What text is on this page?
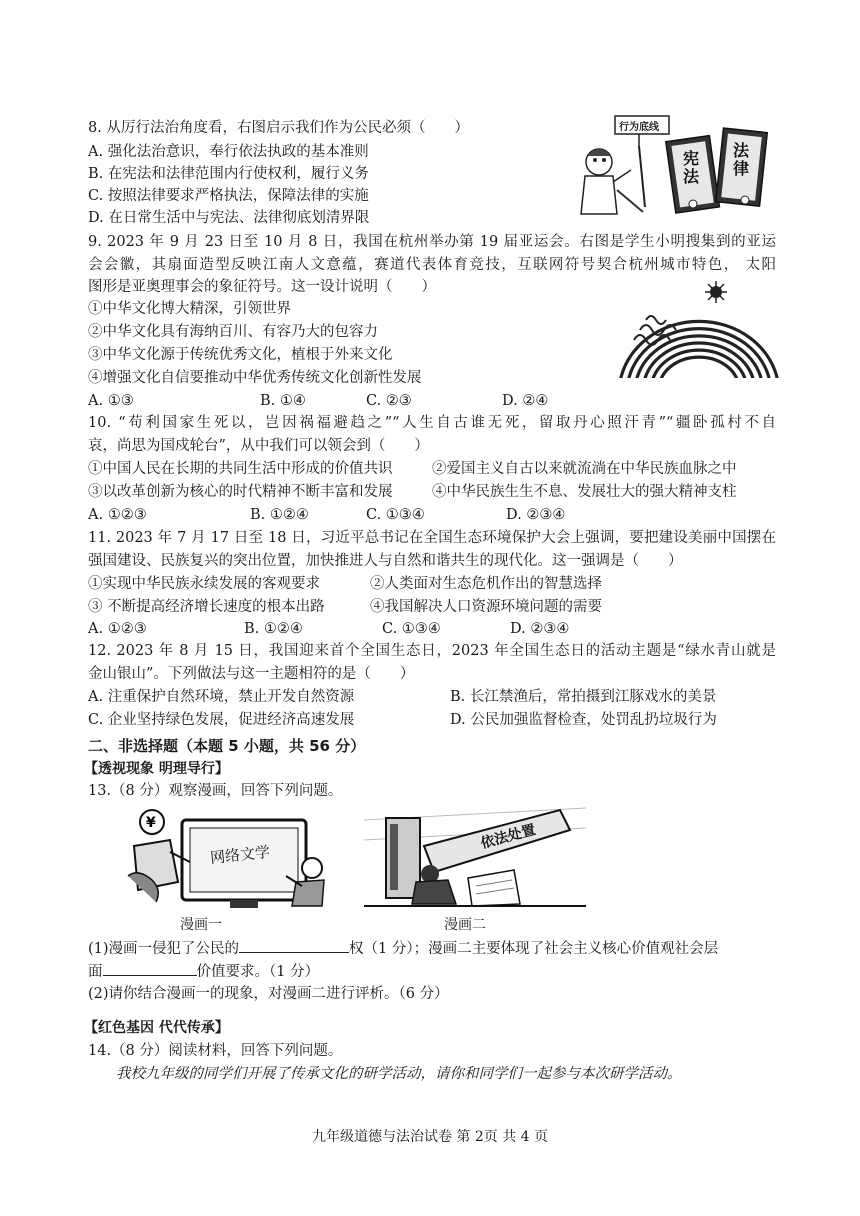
8. 从厉行法治角度看，右图启示我们作为公民必须（　　）
A. 强化法治意识，奉行依法执政的基本准则
B. 在宪法和法律范围内行使权利，履行义务
C. 按照法律要求严格执法，保障法律的实施
D. 在日常生活中与宪法、法律彻底划清界限
行为底线
宪法
法律
9. 2023 年 9 月 23 日至 10 月 8 日，我国在杭州举办第 19 届亚运会。右图是学生小明搜集到的亚运
会会徽，其扇面造型反映江南人文意蕴，赛道代表体育竞技，互联网符号契合杭州城市特色， 太阳
图形是亚奥理事会的象征符号。这一设计说明（　　）
①中华文化博大精深，引领世界
②中华文化具有海纳百川、有容乃大的包容力
③中华文化源于传统优秀文化，植根于外来文化
④增强文化自信要推动中华优秀传统文化创新性发展
A. ①③	B. ①④	C. ②③	D. ②④
10. “苟利国家生死以，岂因祸福避趋之”“人生自古谁无死，留取丹心照汗青”“疆卧孤村不自
哀，尚思为国戍轮台”，从中我们可以领会到（　　）
①中国人民在长期的共同生活中形成的价值共识	②爱国主义自古以来就流淌在中华民族血脉之中
③以改革创新为核心的时代精神不断丰富和发展	④中华民族生生不息、发展壮大的强大精神支柱
A. ①②③	B. ①②④	C. ①③④	D. ②③④
11. 2023 年 7 月 17 日至 18 日，习近平总书记在全国生态环境保护大会上强调，要把建设美丽中国摆在
强国建设、民族复兴的突出位置，加快推进人与自然和谐共生的现代化。这一强调是（　　）
①实现中华民族永续发展的客观要求	②人类面对生态危机作出的智慧选择
③ 不断提高经济增长速度的根本出路	④我国解决人口资源环境问题的需要
A. ①②③	B. ①②④	C. ①③④	D. ②③④
12. 2023 年 8 月 15 日，我国迎来首个全国生态日，2023 年全国生态日的活动主题是“绿水青山就是
金山银山”。下列做法与这一主题相符的是（　　）
A. 注重保护自然环境，禁止开发自然资源	B. 长江禁渔后，常拍摄到江豚戏水的美景
C. 企业坚持绿色发展，促进经济高速发展	D. 公民加强监督检查，处罚乱扔垃圾行为
二、非选择题（本题 5 小题，共 56 分）
【透视现象 明理导行】
13.（8 分）观察漫画，回答下列问题。
¥
网络文学
漫画一
依法处置
漫画二
(1)漫画一侵犯了公民的	权（1 分）；漫画二主要体现了社会主义核心价值观社会层
面	价值要求。（1 分）
(2)请你结合漫画一的现象，对漫画二进行评析。（6 分）
【红色基因 代代传承】
14.（8 分）阅读材料，回答下列问题。
我校九年级的同学们开展了传承文化的研学活动，请你和同学们一起参与本次研学活动。
九年级道德与法治试卷 第 2页 共 4 页
